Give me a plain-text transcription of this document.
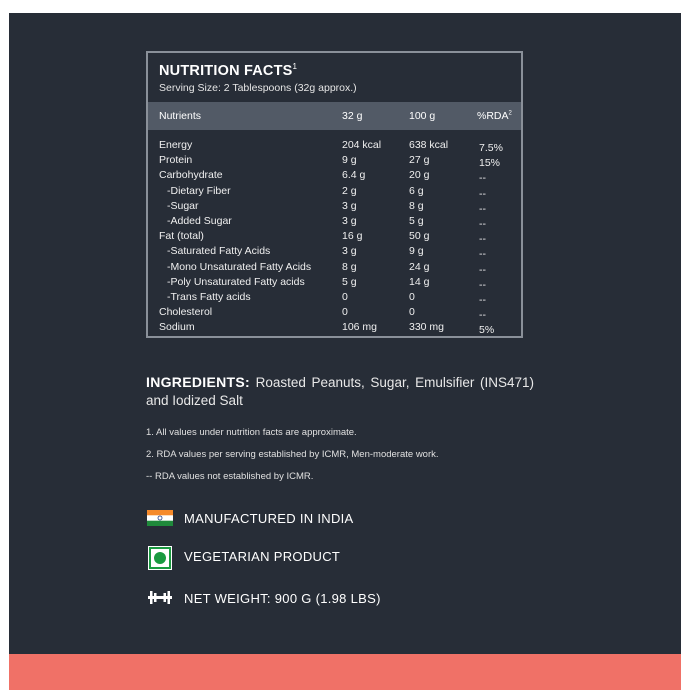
NUTRITION FACTS$^1$
Serving Size: 2 Tablespoons (32g approx.)
Nutrients	32 g	100 g	%RDA$^2$
Energy	204 kcal	638 kcal	7.5%
Protein	9 g	27 g	15%
Carbohydrate	6.4 g	20 g	--
-Dietary Fiber	2 g	6 g	--
-Sugar	3 g	8 g	--
-Added Sugar	3 g	5 g	--
Fat (total)	16 g	50 g	--
-Saturated Fatty Acids	3 g	9 g	--
-Mono Unsaturated Fatty Acids	8 g	24 g	--
-Poly Unsaturated Fatty acids	5 g	14 g	--
-Trans Fatty acids	0	0	--
Cholesterol	0	0	--
Sodium	106 mg	330 mg	5%
INGREDIENTS: Roasted Peanuts, Sugar, Emulsifier (INS471) and Iodized Salt
1. All values under nutrition facts are approximate.
2. RDA values per serving established by ICMR, Men-moderate work.
-- RDA values not established by ICMR.
MANUFACTURED IN INDIA
VEGETARIAN PRODUCT
NET WEIGHT: 900 G (1.98 LBS)
